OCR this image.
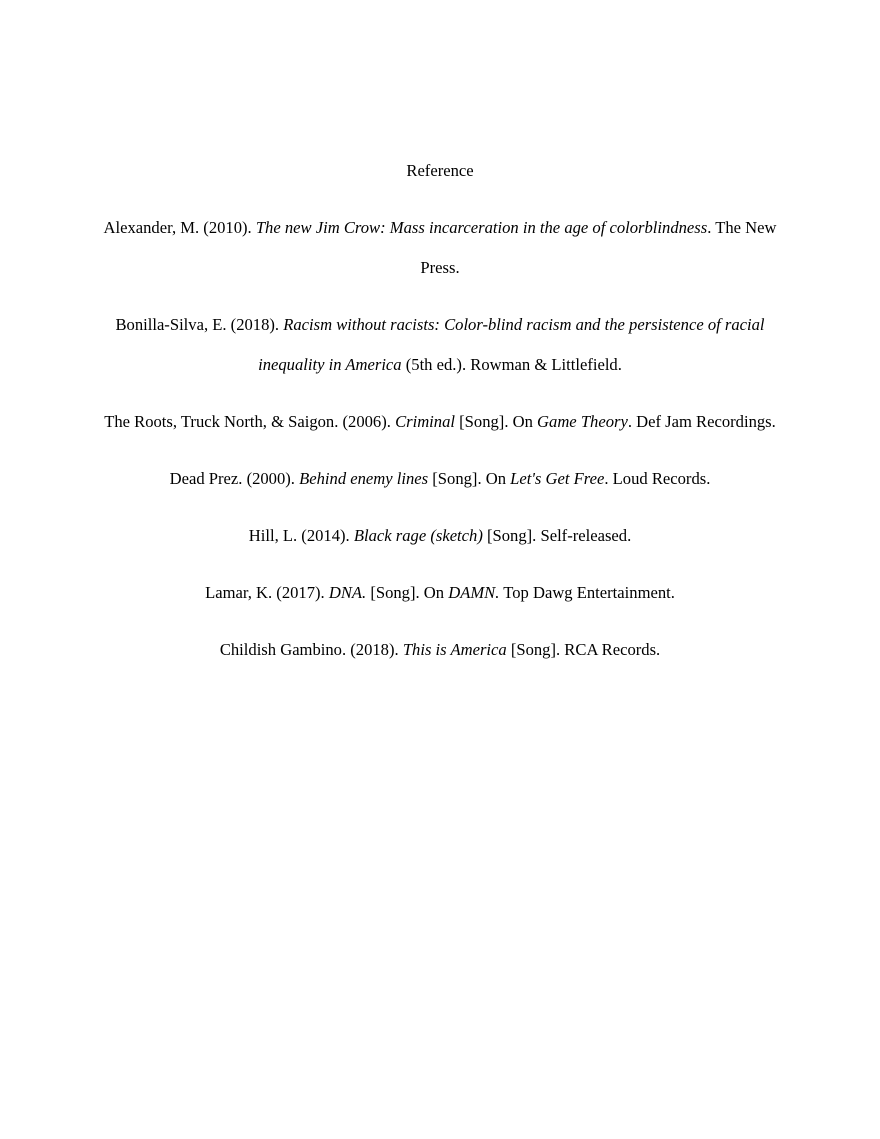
Reference
Alexander, M. (2010). The new Jim Crow: Mass incarceration in the age of colorblindness. The New Press.
Bonilla-Silva, E. (2018). Racism without racists: Color-blind racism and the persistence of racial inequality in America (5th ed.). Rowman & Littlefield.
The Roots, Truck North, & Saigon. (2006). Criminal [Song]. On Game Theory. Def Jam Recordings.
Dead Prez. (2000). Behind enemy lines [Song]. On Let's Get Free. Loud Records.
Hill, L. (2014). Black rage (sketch) [Song]. Self-released.
Lamar, K. (2017). DNA. [Song]. On DAMN. Top Dawg Entertainment.
Childish Gambino. (2018). This is America [Song]. RCA Records.
